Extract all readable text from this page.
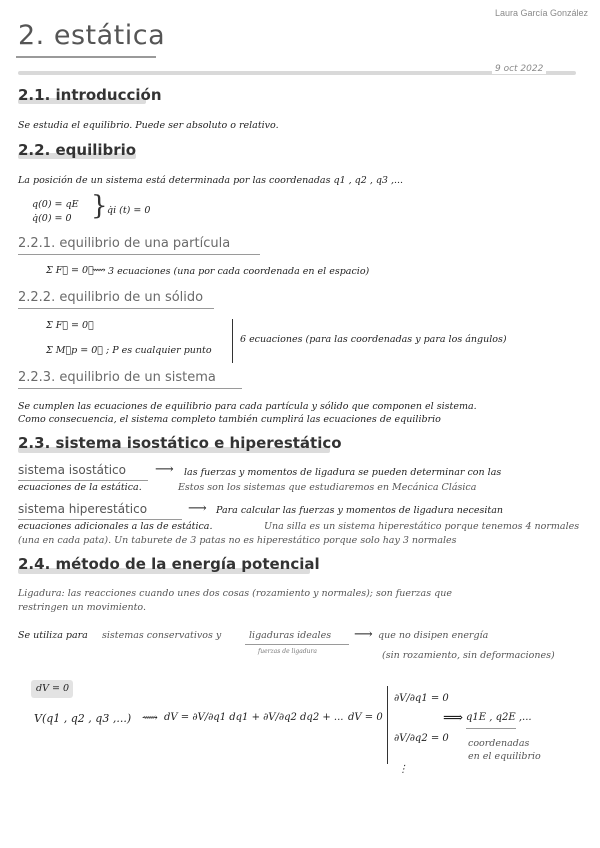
Laura García González
2. estática
9 oct 2022
2.1. introducción
Se estudia el equilibrio. Puede ser absoluto o relativo.
2.2. equilibrio
La posición de un sistema está determinada por las coordenadas q1 , q2 , q3 ,...
q(0) = qE
q̇(0) = 0 } q̇i (t) = 0
2.2.1. equilibrio de una partícula
Σ F⃗ = 0⃗
⟿ 3 ecuaciones (una por cada coordenada en el espacio)
2.2.2. equilibrio de un sólido
Σ F⃗ = 0⃗
Σ M⃗p = 0⃗ ; P es cualquier punto
6 ecuaciones (para las coordenadas y para los ángulos)
2.2.3. equilibrio de un sistema
Se cumplen las ecuaciones de equilibrio para cada partícula y sólido que componen el sistema.
Como consecuencia, el sistema completo también cumplirá las ecuaciones de equilibrio
2.3. sistema isostático e hiperestático
sistema isostático ⟶ las fuerzas y momentos de ligadura se pueden determinar con las
ecuaciones de la estática.	Estos son los sistemas que estudiaremos en Mecánica Clásica
sistema hiperestático	⟶ Para calcular las fuerzas y momentos de ligadura necesitan
ecuaciones adicionales a las de estática.	Una silla es un sistema hiperestático porque tenemos 4 normales
(una en cada pata). Un taburete de 3 patas no es hiperestático porque solo hay 3 normales
2.4. método de la energía potencial
Ligadura: las reacciones cuando unes dos cosas (rozamiento y normales); son fuerzas que
restringen un movimiento.
Se utiliza para sistemas conservativos y	ligaduras ideales
fuerzas de ligadura
⟶ que no disipen energía
(sin rozamiento, sin deformaciones)
dV = 0
V(q1 , q2 , q3 ,...) ⟿ dV = ∂V/∂q1 dq1 + ∂V/∂q2 dq2 + ... dV = 0
∂V/∂q1 = 0
∂V/∂q2 = 0
⋮
⟹ q1E , q2E ,...
coordenadas
en el equilibrio
